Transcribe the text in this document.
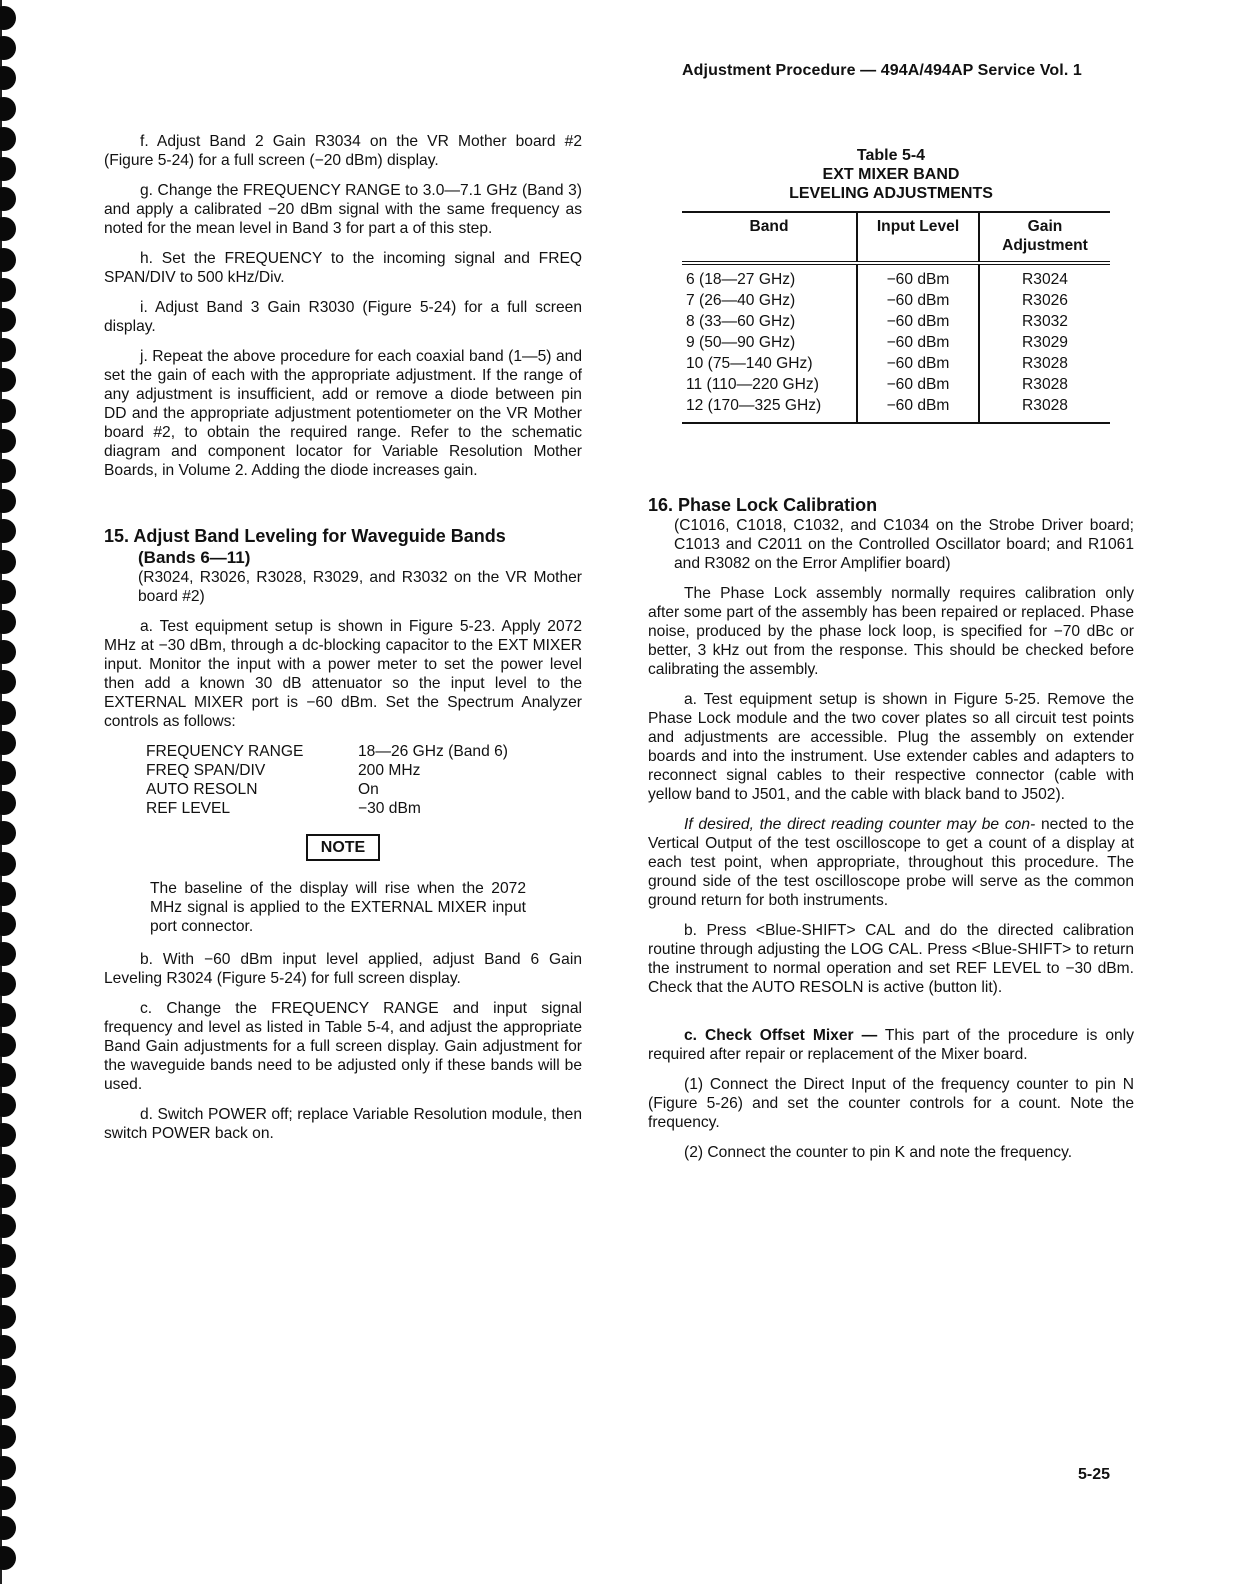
Adjustment Procedure — 494A/494AP Service Vol. 1

f. Adjust Band 2 Gain R3034 on the VR Mother board #2 (Figure 5-24) for a full screen (−20 dBm) display.

g. Change the FREQUENCY RANGE to 3.0—7.1 GHz (Band 3) and apply a calibrated −20 dBm signal with the same frequency as noted for the mean level in Band 3 for part a of this step.

h. Set the FREQUENCY to the incoming signal and FREQ SPAN/DIV to 500 kHz/Div.

i. Adjust Band 3 Gain R3030 (Figure 5-24) for a full screen display.

j. Repeat the above procedure for each coaxial band (1—5) and set the gain of each with the appropriate adjustment. If the range of any adjustment is insufficient, add or remove a diode between pin DD and the appropriate adjustment potentiometer on the VR Mother board #2, to obtain the required range. Refer to the schematic diagram and component locator for Variable Resolution Mother Boards, in Volume 2. Adding the diode increases gain.

15. Adjust Band Leveling for Waveguide Bands
(Bands 6—11)

(R3024, R3026, R3028, R3029, and R3032 on the VR Mother board #2)

a. Test equipment setup is shown in Figure 5-23. Apply 2072 MHz at −30 dBm, through a dc-blocking capacitor to the EXT MIXER input. Monitor the input with a power meter to set the power level then add a known 30 dB attenuator so the input level to the EXTERNAL MIXER port is −60 dBm. Set the Spectrum Analyzer controls as follows:

FREQUENCY RANGE	18—26 GHz (Band 6)
FREQ SPAN/DIV	200 MHz
AUTO RESOLN	On
REF LEVEL	−30 dBm
NOTE

The baseline of the display will rise when the 2072 MHz signal is applied to the EXTERNAL MIXER input port connector.

b. With −60 dBm input level applied, adjust Band 6 Gain Leveling R3024 (Figure 5-24) for full screen display.

c. Change the FREQUENCY RANGE and input signal frequency and level as listed in Table 5-4, and adjust the appropriate Band Gain adjustments for a full screen display. Gain adjustment for the waveguide bands need to be adjusted only if these bands will be used.

d. Switch POWER off; replace Variable Resolution module, then switch POWER back on.

Table 5-4
EXT MIXER BAND
LEVELING ADJUSTMENTS
Band	Input Level	Gain Adjustment
6 (18—27 GHz)	−60 dBm	R3024
7 (26—40 GHz)	−60 dBm	R3026
8 (33—60 GHz)	−60 dBm	R3032
9 (50—90 GHz)	−60 dBm	R3029
10 (75—140 GHz)	−60 dBm	R3028
11 (110—220 GHz)	−60 dBm	R3028
12 (170—325 GHz)	−60 dBm	R3028
16. Phase Lock Calibration

(C1016, C1018, C1032, and C1034 on the Strobe Driver board; C1013 and C2011 on the Controlled Oscillator board; and R1061 and R3082 on the Error Amplifier board)

The Phase Lock assembly normally requires calibration only after some part of the assembly has been repaired or replaced. Phase noise, produced by the phase lock loop, is specified for −70 dBc or better, 3 kHz out from the response. This should be checked before calibrating the assembly.

a. Test equipment setup is shown in Figure 5-25. Remove the Phase Lock module and the two cover plates so all circuit test points and adjustments are accessible. Plug the assembly on extender boards and into the instrument. Use extender cables and adapters to reconnect signal cables to their respective connector (cable with yellow band to J501, and the cable with black band to J502).

If desired, the direct reading counter may be con- nected to the Vertical Output of the test oscilloscope to get a count of a display at each test point, when appropriate, throughout this procedure. The ground side of the test oscilloscope probe will serve as the common ground return for both instruments.

b. Press <Blue-SHIFT> CAL and do the directed calibration routine through adjusting the LOG CAL. Press <Blue-SHIFT> to return the instrument to normal operation and set REF LEVEL to −30 dBm. Check that the AUTO RESOLN is active (button lit).

c. Check Offset Mixer — This part of the procedure is only required after repair or replacement of the Mixer board.

(1) Connect the Direct Input of the frequency counter to pin N (Figure 5-26) and set the counter controls for a count. Note the frequency.

(2) Connect the counter to pin K and note the frequency.

5-25
